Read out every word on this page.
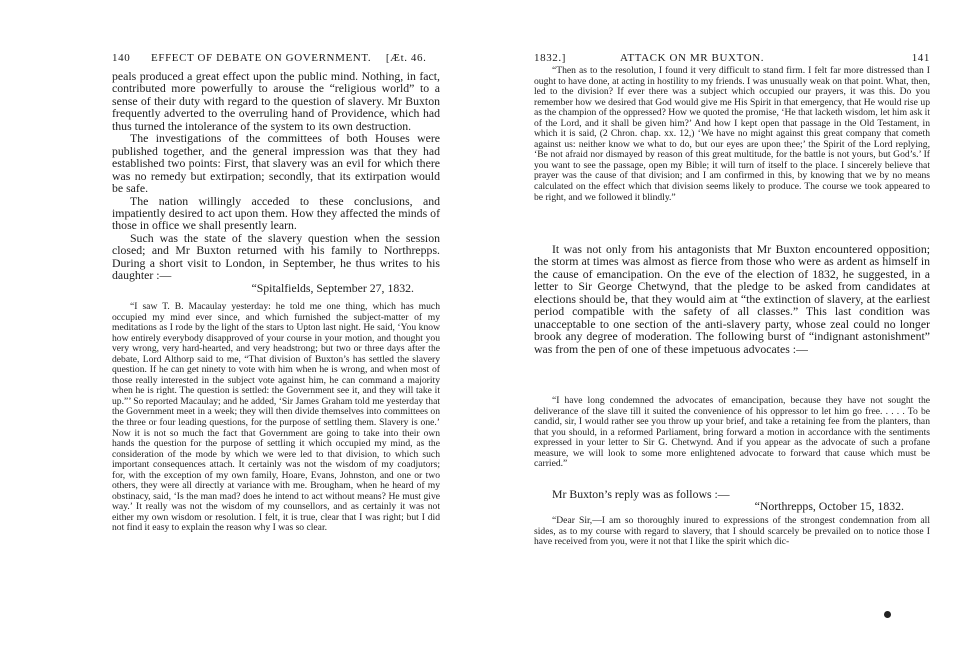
140 EFFECT OF DEBATE ON GOVERNMENT. [Æt. 46.

peals produced a great effect upon the public mind. Nothing, in fact, contributed more powerfully to arouse the “religious world” to a sense of their duty with regard to the question of slavery. Mr Buxton frequently adverted to the overruling hand of Providence, which had thus turned the intolerance of the system to its own destruction.

The investigations of the committees of both Houses were published together, and the general impression was that they had established two points: First, that slavery was an evil for which there was no remedy but extirpation; secondly, that its extirpation would be safe.

The nation willingly acceded to these conclusions, and impatiently desired to act upon them. How they affected the minds of those in office we shall presently learn.

Such was the state of the slavery question when the session closed; and Mr Buxton returned with his family to Northrepps. During a short visit to London, in September, he thus writes to his daughter :—

“Spitalfields, September 27, 1832.

“I saw T. B. Macaulay yesterday: he told me one thing, which has much occupied my mind ever since, and which furnished the subject-matter of my meditations as I rode by the light of the stars to Upton last night. He said, ‘You know how entirely everybody disapproved of your course in your motion, and thought you very wrong, very hard-hearted, and very headstrong; but two or three days after the debate, Lord Althorp said to me, “That division of Buxton’s has settled the slavery question. If he can get ninety to vote with him when he is wrong, and when most of those really interested in the subject vote against him, he can command a majority when he is right. The question is settled: the Government see it, and they will take it up.”’ So reported Macaulay; and he added, ‘Sir James Graham told me yesterday that the Government meet in a week; they will then divide themselves into committees on the three or four leading questions, for the purpose of settling them. Slavery is one.’ Now it is not so much the fact that Government are going to take into their own hands the question for the purpose of settling it which occupied my mind, as the consideration of the mode by which we were led to that division, to which such important consequences attach. It certainly was not the wisdom of my coadjutors; for, with the exception of my own family, Hoare, Evans, Johnston, and one or two others, they were all directly at variance with me. Brougham, when he heard of my obstinacy, said, ‘Is the man mad? does he intend to act without means? He must give way.’ It really was not the wisdom of my counsellors, and as certainly it was not either my own wisdom or resolution. I felt, it is true, clear that I was right; but I did not find it easy to explain the reason why I was so clear.
1832.]	ATTACK ON MR BUXTON.	141
“Then as to the resolution, I found it very difficult to stand firm. I felt far more distressed than I ought to have done, at acting in hostility to my friends. I was unusually weak on that point. What, then, led to the division? If ever there was a subject which occupied our prayers, it was this. Do you remember how we desired that God would give me His Spirit in that emergency, that He would rise up as the champion of the oppressed? How we quoted the promise, ‘He that lacketh wisdom, let him ask it of the Lord, and it shall be given him?’ And how I kept open that passage in the Old Testament, in which it is said, (2 Chron. chap. xx. 12,) ‘We have no might against this great company that cometh against us: neither know we what to do, but our eyes are upon thee;’ the Spirit of the Lord replying, ‘Be not afraid nor dismayed by reason of this great multitude, for the battle is not yours, but God’s.’ If you want to see the passage, open my Bible; it will turn of itself to the place. I sincerely believe that prayer was the cause of that division; and I am confirmed in this, by knowing that we by no means calculated on the effect which that division seems likely to produce. The course we took appeared to be right, and we followed it blindly.”
It was not only from his antagonists that Mr Buxton encountered opposition; the storm at times was almost as fierce from those who were as ardent as himself in the cause of emancipation. On the eve of the election of 1832, he suggested, in a letter to Sir George Chetwynd, that the pledge to be asked from candidates at elections should be, that they would aim at “the extinction of slavery, at the earliest period compatible with the safety of all classes.” This last condition was unacceptable to one section of the anti-slavery party, whose zeal could no longer brook any degree of moderation. The following burst of “indignant astonishment” was from the pen of one of these impetuous advocates :—
“I have long condemned the advocates of emancipation, because they have not sought the deliverance of the slave till it suited the convenience of his oppressor to let him go free. . . . . To be candid, sir, I would rather see you throw up your brief, and take a retaining fee from the planters, than that you should, in a reformed Parliament, bring forward a motion in accordance with the sentiments expressed in your letter to Sir G. Chetwynd. And if you appear as the advocate of such a profane measure, we will look to some more enlightened advocate to forward that cause which must be carried.”

Mr Buxton’s reply was as follows :—

“Northrepps, October 15, 1832.

“Dear Sir,—I am so thoroughly inured to expressions of the strongest condemnation from all sides, as to my course with regard to slavery, that I should scarcely be prevailed on to notice those I have received from you, were it not that I like the spirit which dic-
